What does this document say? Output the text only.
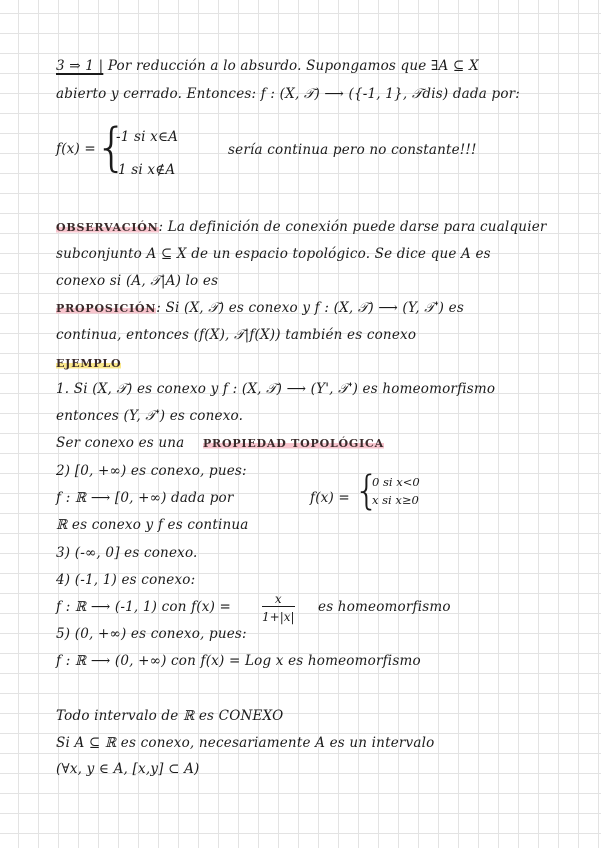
3 ⇒ 1 | Por reducción a lo absurdo. Supongamos que ∃A ⊆ X
abierto y cerrado. Entonces: f : (X, 𝒯) ⟶ ({-1, 1}, 𝒯dis) dada por:
f(x) = {
-1 si x∈A
1 si x∉A
sería continua pero no constante!!!
OBSERVACIÓN: La definición de conexión puede darse para cualquier
subconjunto A ⊆ X de un espacio topológico. Se dice que A es
conexo si (A, 𝒯|A) lo es
PROPOSICIÓN: Si (X, 𝒯) es conexo y f : (X, 𝒯) ⟶ (Y, 𝒯') es
continua, entonces (f(X), 𝒯|f(X)) también es conexo
EJEMPLO
1. Si (X, 𝒯) es conexo y f : (X, 𝒯) ⟶ (Y', 𝒯') es homeomorfismo
entonces (Y, 𝒯') es conexo.
Ser conexo es una PROPIEDAD TOPOLÓGICA
2) [0, +∞) es conexo, pues:
f : ℝ ⟶ [0, +∞) dada por	f(x) = {
0 si x<0
x si x≥0
ℝ es conexo y f es continua
3) (-∞, 0] es conexo.
4) (-1, 1) es conexo:
f : ℝ ⟶ (-1, 1) con f(x) =	$\frac{x}{1+|x|}$ es homeomorfismo
5) (0, +∞) es conexo, pues:
f : ℝ ⟶ (0, +∞) con f(x) = Log x es homeomorfismo
Todo intervalo de ℝ es CONEXO
Si A ⊆ ℝ es conexo, necesariamente A es un intervalo
(∀x, y ∈ A, [x,y] ⊂ A)
